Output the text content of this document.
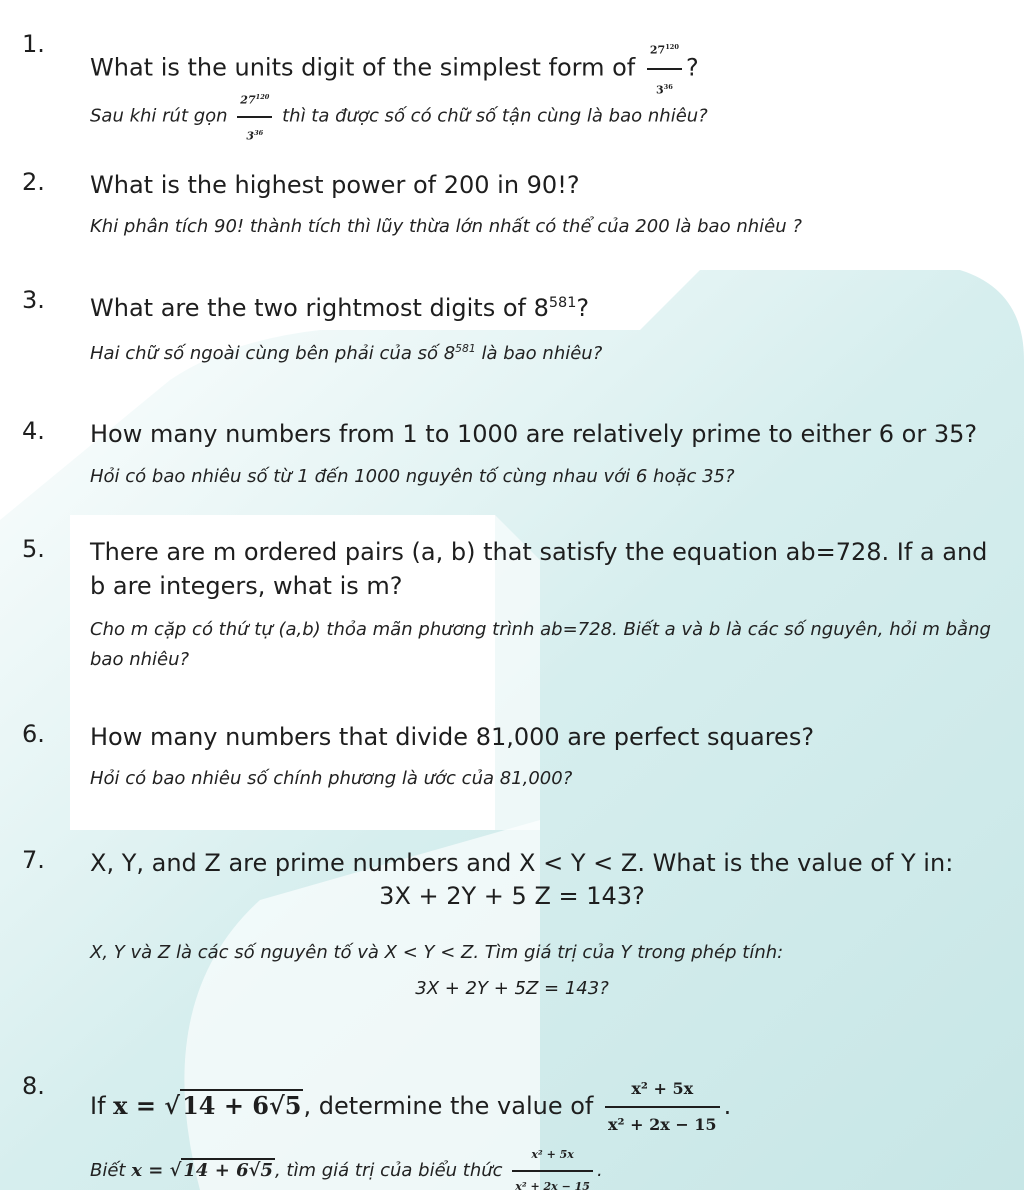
1.
What is the units digit of the simplest form of $\frac{27^{120}}{3^{36}}$ ?
Sau khi rút gọn $\frac{27^{120}}{3^{36}}$ thì ta được số có chữ số tận cùng là bao nhiêu?
2. What is the highest power of 200 in 90!?
Khi phân tích 90! thành tích thì lũy thừa lớn nhất có thể của 200 là bao nhiêu ?
3. What are the two rightmost digits of $8^{581}$?
Hai chữ số ngoài cùng bên phải của số $8^{581}$ là bao nhiêu?
4. How many numbers from 1 to 1000 are relatively prime to either 6 or 35?
Hỏi có bao nhiêu số từ 1 đến 1000 nguyên tố cùng nhau với 6 hoặc 35?
5. There are m ordered pairs (a, b) that satisfy the equation ab=728. If a and b are integers, what is m?
Cho m cặp có thứ tự (a,b) thỏa mãn phương trình ab=728. Biết a và b là các số nguyên, hỏi m bằng bao nhiêu?
6. How many numbers that divide 81,000 are perfect squares?
Hỏi có bao nhiêu số chính phương là ước của 81,000?
7. X, Y, and Z are prime numbers and X < Y < Z. What is the value of Y in:
3X + 2Y + 5 Z = 143?
X, Y và Z là các số nguyên tố và X < Y < Z. Tìm giá trị của Y trong phép tính:
3X + 2Y + 5Z = 143?
8.
If x = √14 + 6√5, determine the value of $\frac{\text{x² + 5x}}{\text{x² + 2x − 15}}$ .
Biết x = √ 14 + 6√5 , tìm giá trị của biểu thức $\frac{\text{x² + 5x}}{\text{x² + 2x − 15}}$ .
